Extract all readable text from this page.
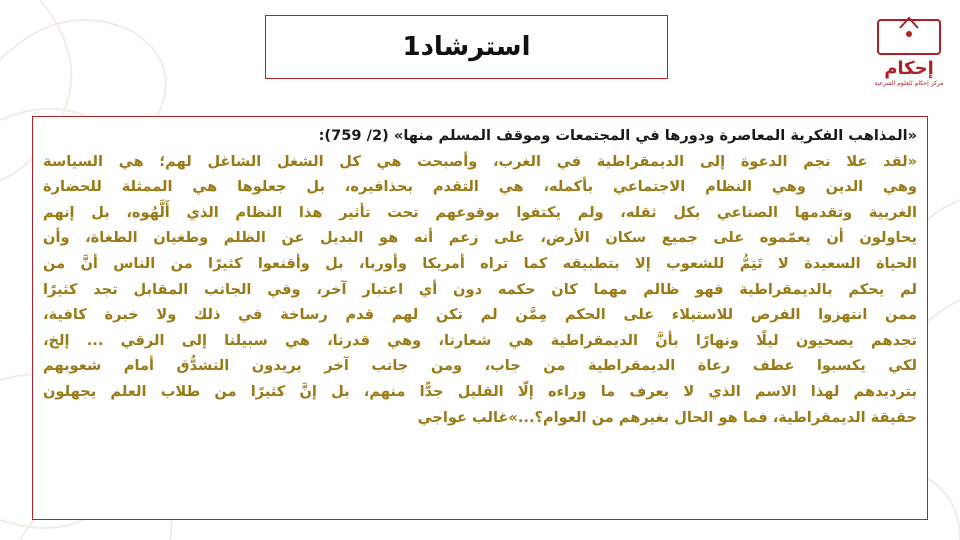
استرشاد1
إحكام
مركز إحكام للعلوم الشرعية

«المذاهب الفكرية المعاصرة ودورها في المجتمعات وموقف المسلم منها» (2/ 759):

«لقد علا نجم الدعوة إلى الديمقراطية في الغرب، وأصبحت هي كل الشغل الشاغل لهم؛ هي السياسة

وهي الدين وهي النظام الاجتماعي بأكمله، هي التقدم بحذافيره، بل جعلوها هي الممثلة للحضارة

الغربية وتقدمها الصناعي بكل ثقله، ولم يكتفوا بوقوعهم تحت تأثير هذا النظام الذي أَلَّهُوه، بل إنهم

يحاولون أن يعمّموه على جميع سكان الأرض، على زعم أنه هو البديل عن الظلم وطغيان الطغاة، وأن

الحياة السعيدة لا تَتِمُّ للشعوب إلا بتطبيقه كما تراه أمريكا وأوربا، بل وأقنعوا كثيرًا من الناس أنَّ من

لم يحكم بالديمقراطية فهو ظالم مهما كان حكمه دون أي اعتبار آخر، وفي الجانب المقابل تجد كثيرًا

ممن انتهزوا الفرص للاستيلاء على الحكم مِمَّن لم تكن لهم قدم رساخة في ذلك ولا خبرة كافية،

تجدهم يصحيون ليلًا ونهارًا بأنَّ الديمقراطية هي شعارنا، وهي قدرنا، هي سبيلنا إلى الرقي ... إلخ،

لكي يكسبوا عطف رعاة الديمقراطية من جاب، ومن جانب آخر يريدون التشدُّق أمام شعوبهم

بترديدهم لهذا الاسم الذي لا يعرف ما وراءه إلّا القليل جدًّا منهم، بل إنَّ كثيرًا من طلاب العلم يجهلون

حقيقة الديمقراطية، فما هو الحال بغيرهم من العوام؟...»غالب عواجي
